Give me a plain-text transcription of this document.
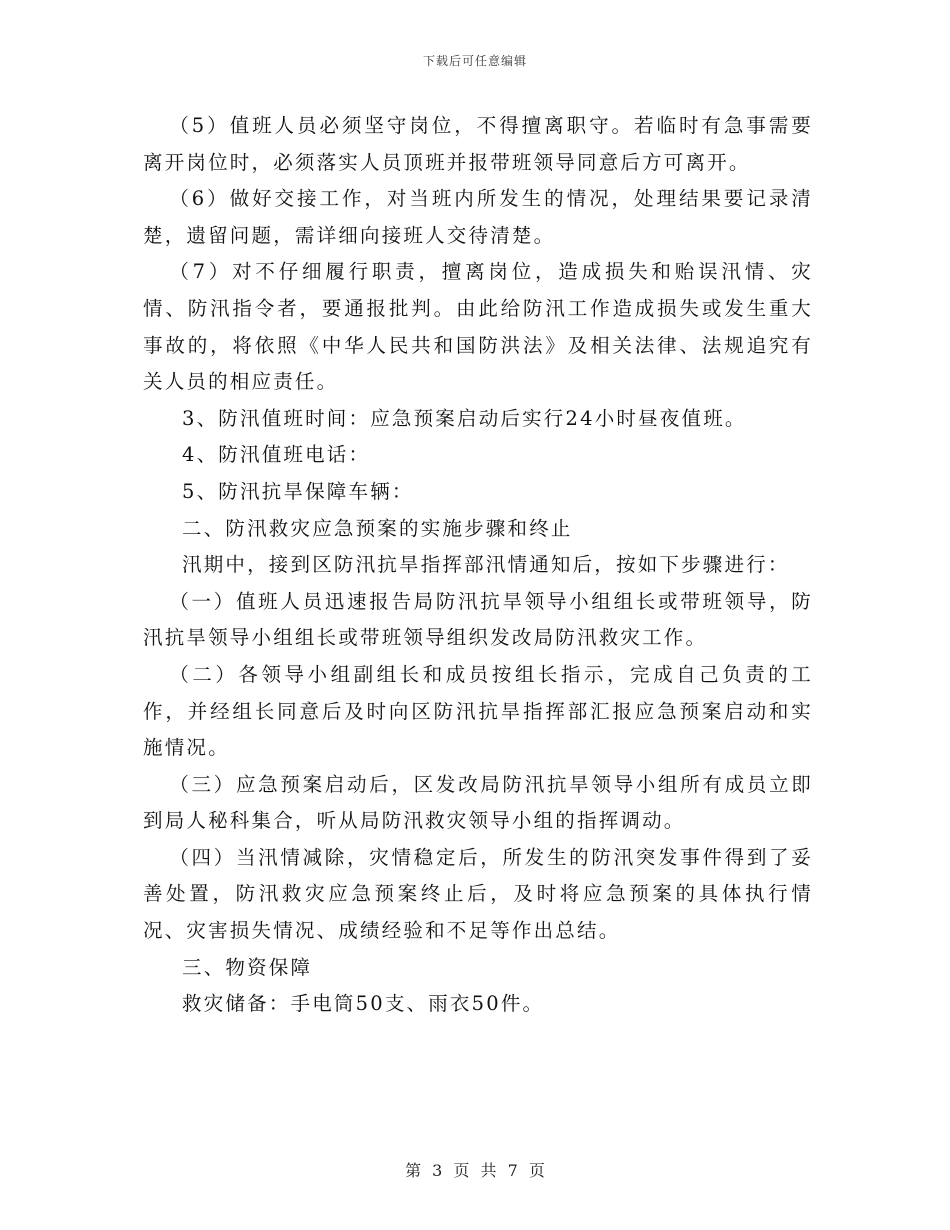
下载后可任意编辑

（5）值班人员必须坚守岗位，不得擅离职守。若临时有急事需要离开岗位时，必须落实人员顶班并报带班领导同意后方可离开。

（6）做好交接工作，对当班内所发生的情况，处理结果要记录清楚，遗留问题，需详细向接班人交待清楚。

（7）对不仔细履行职责，擅离岗位，造成损失和贻误汛情、灾情、防汛指令者，要通报批判。由此给防汛工作造成损失或发生重大事故的，将依照《中华人民共和国防洪法》及相关法律、法规追究有关人员的相应责任。

3、防汛值班时间：应急预案启动后实行24小时昼夜值班。

4、防汛值班电话：

5、防汛抗旱保障车辆：

二、防汛救灾应急预案的实施步骤和终止

汛期中，接到区防汛抗旱指挥部汛情通知后，按如下步骤进行：

（一）值班人员迅速报告局防汛抗旱领导小组组长或带班领导，防汛抗旱领导小组组长或带班领导组织发改局防汛救灾工作。

（二）各领导小组副组长和成员按组长指示，完成自己负责的工作，并经组长同意后及时向区防汛抗旱指挥部汇报应急预案启动和实施情况。

（三）应急预案启动后，区发改局防汛抗旱领导小组所有成员立即到局人秘科集合，听从局防汛救灾领导小组的指挥调动。

（四）当汛情减除，灾情稳定后，所发生的防汛突发事件得到了妥善处置，防汛救灾应急预案终止后，及时将应急预案的具体执行情况、灾害损失情况、成绩经验和不足等作出总结。

三、物资保障

救灾储备：手电筒50支、雨衣50件。

第 3 页 共 7 页
